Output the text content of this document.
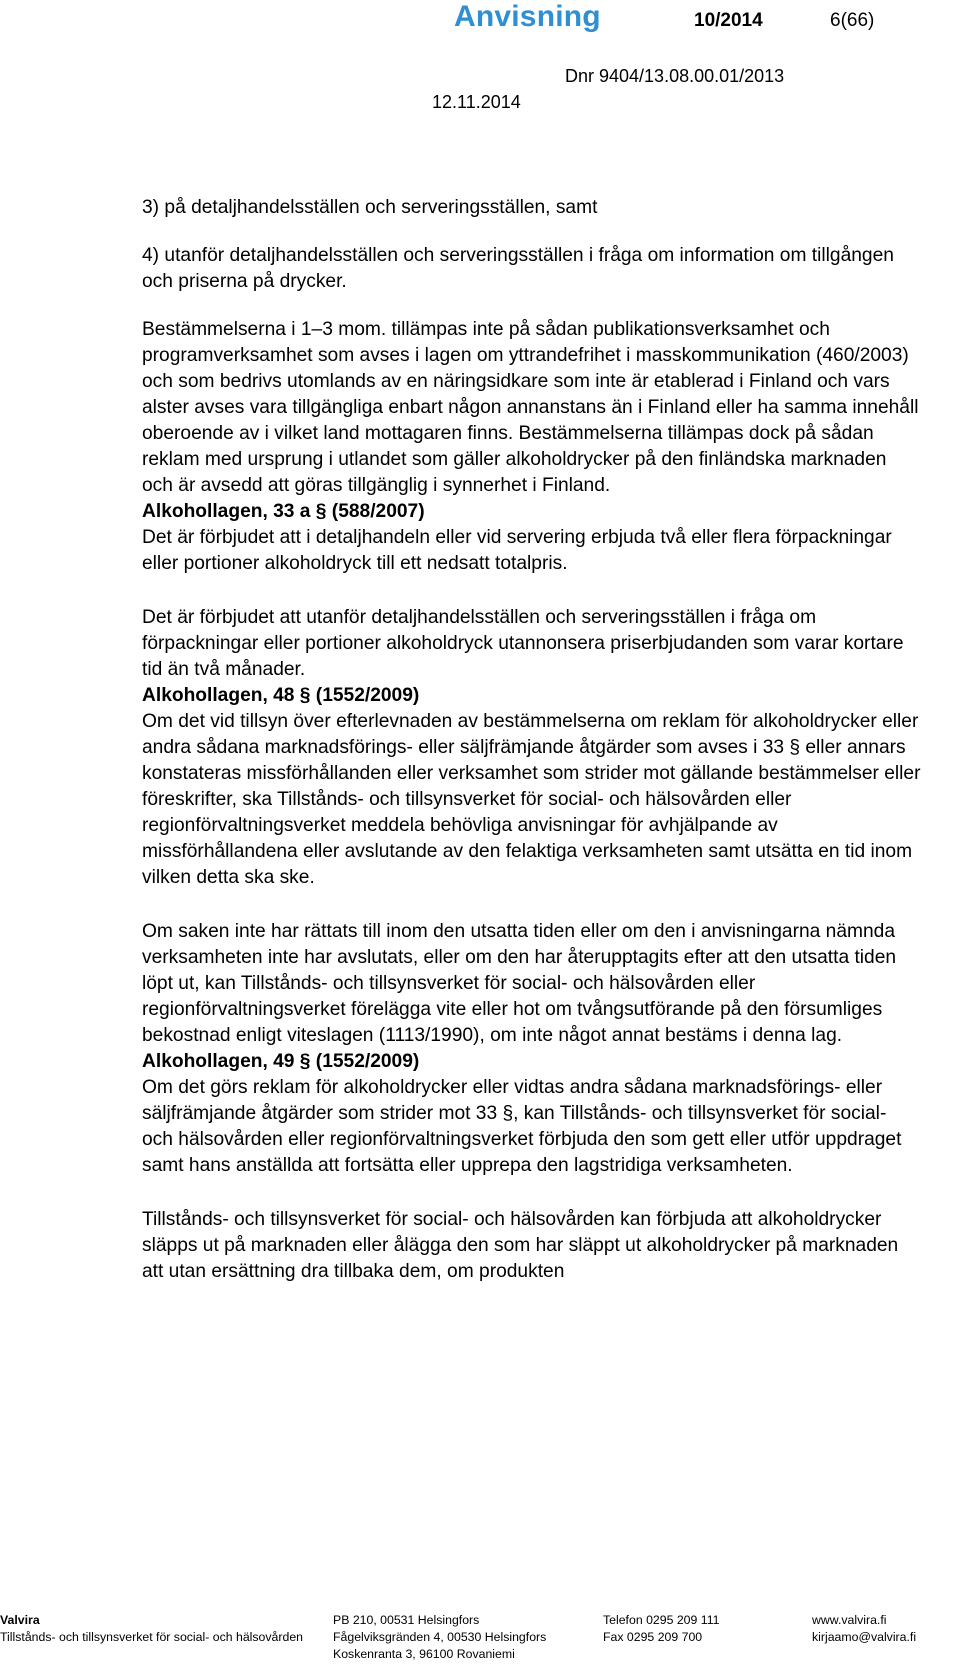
Anvisning	10/2014	6(66)
Dnr 9404/13.08.00.01/2013
12.11.2014

3) på detaljhandelsställen och serveringsställen, samt

4) utanför detaljhandelsställen och serveringsställen i fråga om information om tillgången och priserna på drycker.

Bestämmelserna i 1–3 mom. tillämpas inte på sådan publikationsverksamhet och programverksamhet som avses i lagen om yttrandefrihet i masskommunikation (460/2003) och som bedrivs utomlands av en näringsidkare som inte är etablerad i Finland och vars alster avses vara tillgängliga enbart någon annanstans än i Finland eller ha samma innehåll oberoende av i vilket land mottagaren finns. Bestämmelserna tillämpas dock på sådan reklam med ursprung i utlandet som gäller alkoholdrycker på den finländska marknaden och är avsedd att göras tillgänglig i synnerhet i Finland.

Alkohollagen, 33 a § (588/2007)

Det är förbjudet att i detaljhandeln eller vid servering erbjuda två eller flera förpackningar eller portioner alkoholdryck till ett nedsatt totalpris.

Det är förbjudet att utanför detaljhandelsställen och serveringsställen i fråga om förpackningar eller portioner alkoholdryck utannonsera priserbjudanden som varar kortare tid än två månader.

Alkohollagen, 48 § (1552/2009)

Om det vid tillsyn över efterlevnaden av bestämmelserna om reklam för alkoholdrycker eller andra sådana marknadsförings- eller säljfrämjande åtgärder som avses i 33 § eller annars konstateras missförhållanden eller verksamhet som strider mot gällande bestämmelser eller föreskrifter, ska Tillstånds- och tillsynsverket för social- och hälsovården eller regionförvaltningsverket meddela behövliga anvisningar för avhjälpande av missförhållandena eller avslutande av den felaktiga verksamheten samt utsätta en tid inom vilken detta ska ske.

Om saken inte har rättats till inom den utsatta tiden eller om den i anvisningarna nämnda verksamheten inte har avslutats, eller om den har återupptagits efter att den utsatta tiden löpt ut, kan Tillstånds- och tillsynsverket för social- och hälsovården eller regionförvaltningsverket förelägga vite eller hot om tvångsutförande på den försumliges bekostnad enligt viteslagen (1113/1990), om inte något annat bestäms i denna lag.

Alkohollagen, 49 § (1552/2009)

Om det görs reklam för alkoholdrycker eller vidtas andra sådana marknadsförings- eller säljfrämjande åtgärder som strider mot 33 §, kan Tillstånds- och tillsynsverket för social- och hälsovården eller regionförvaltningsverket förbjuda den som gett eller utför uppdraget samt hans anställda att fortsätta eller upprepa den lagstridiga verksamheten.

Tillstånds- och tillsynsverket för social- och hälsovården kan förbjuda att alkoholdrycker släpps ut på marknaden eller ålägga den som har släppt ut alkoholdrycker på marknaden att utan ersättning dra tillbaka dem, om produkten

Valvira
Tillstånds- och tillsynsverket för social- och hälsovården
PB 210, 00531 Helsingfors
Fågelviksgränden 4, 00530 Helsingfors
Koskenranta 3, 96100 Rovaniemi
Telefon 0295 209 111
Fax 0295 209 700
www.valvira.fi
kirjaamo@valvira.fi
